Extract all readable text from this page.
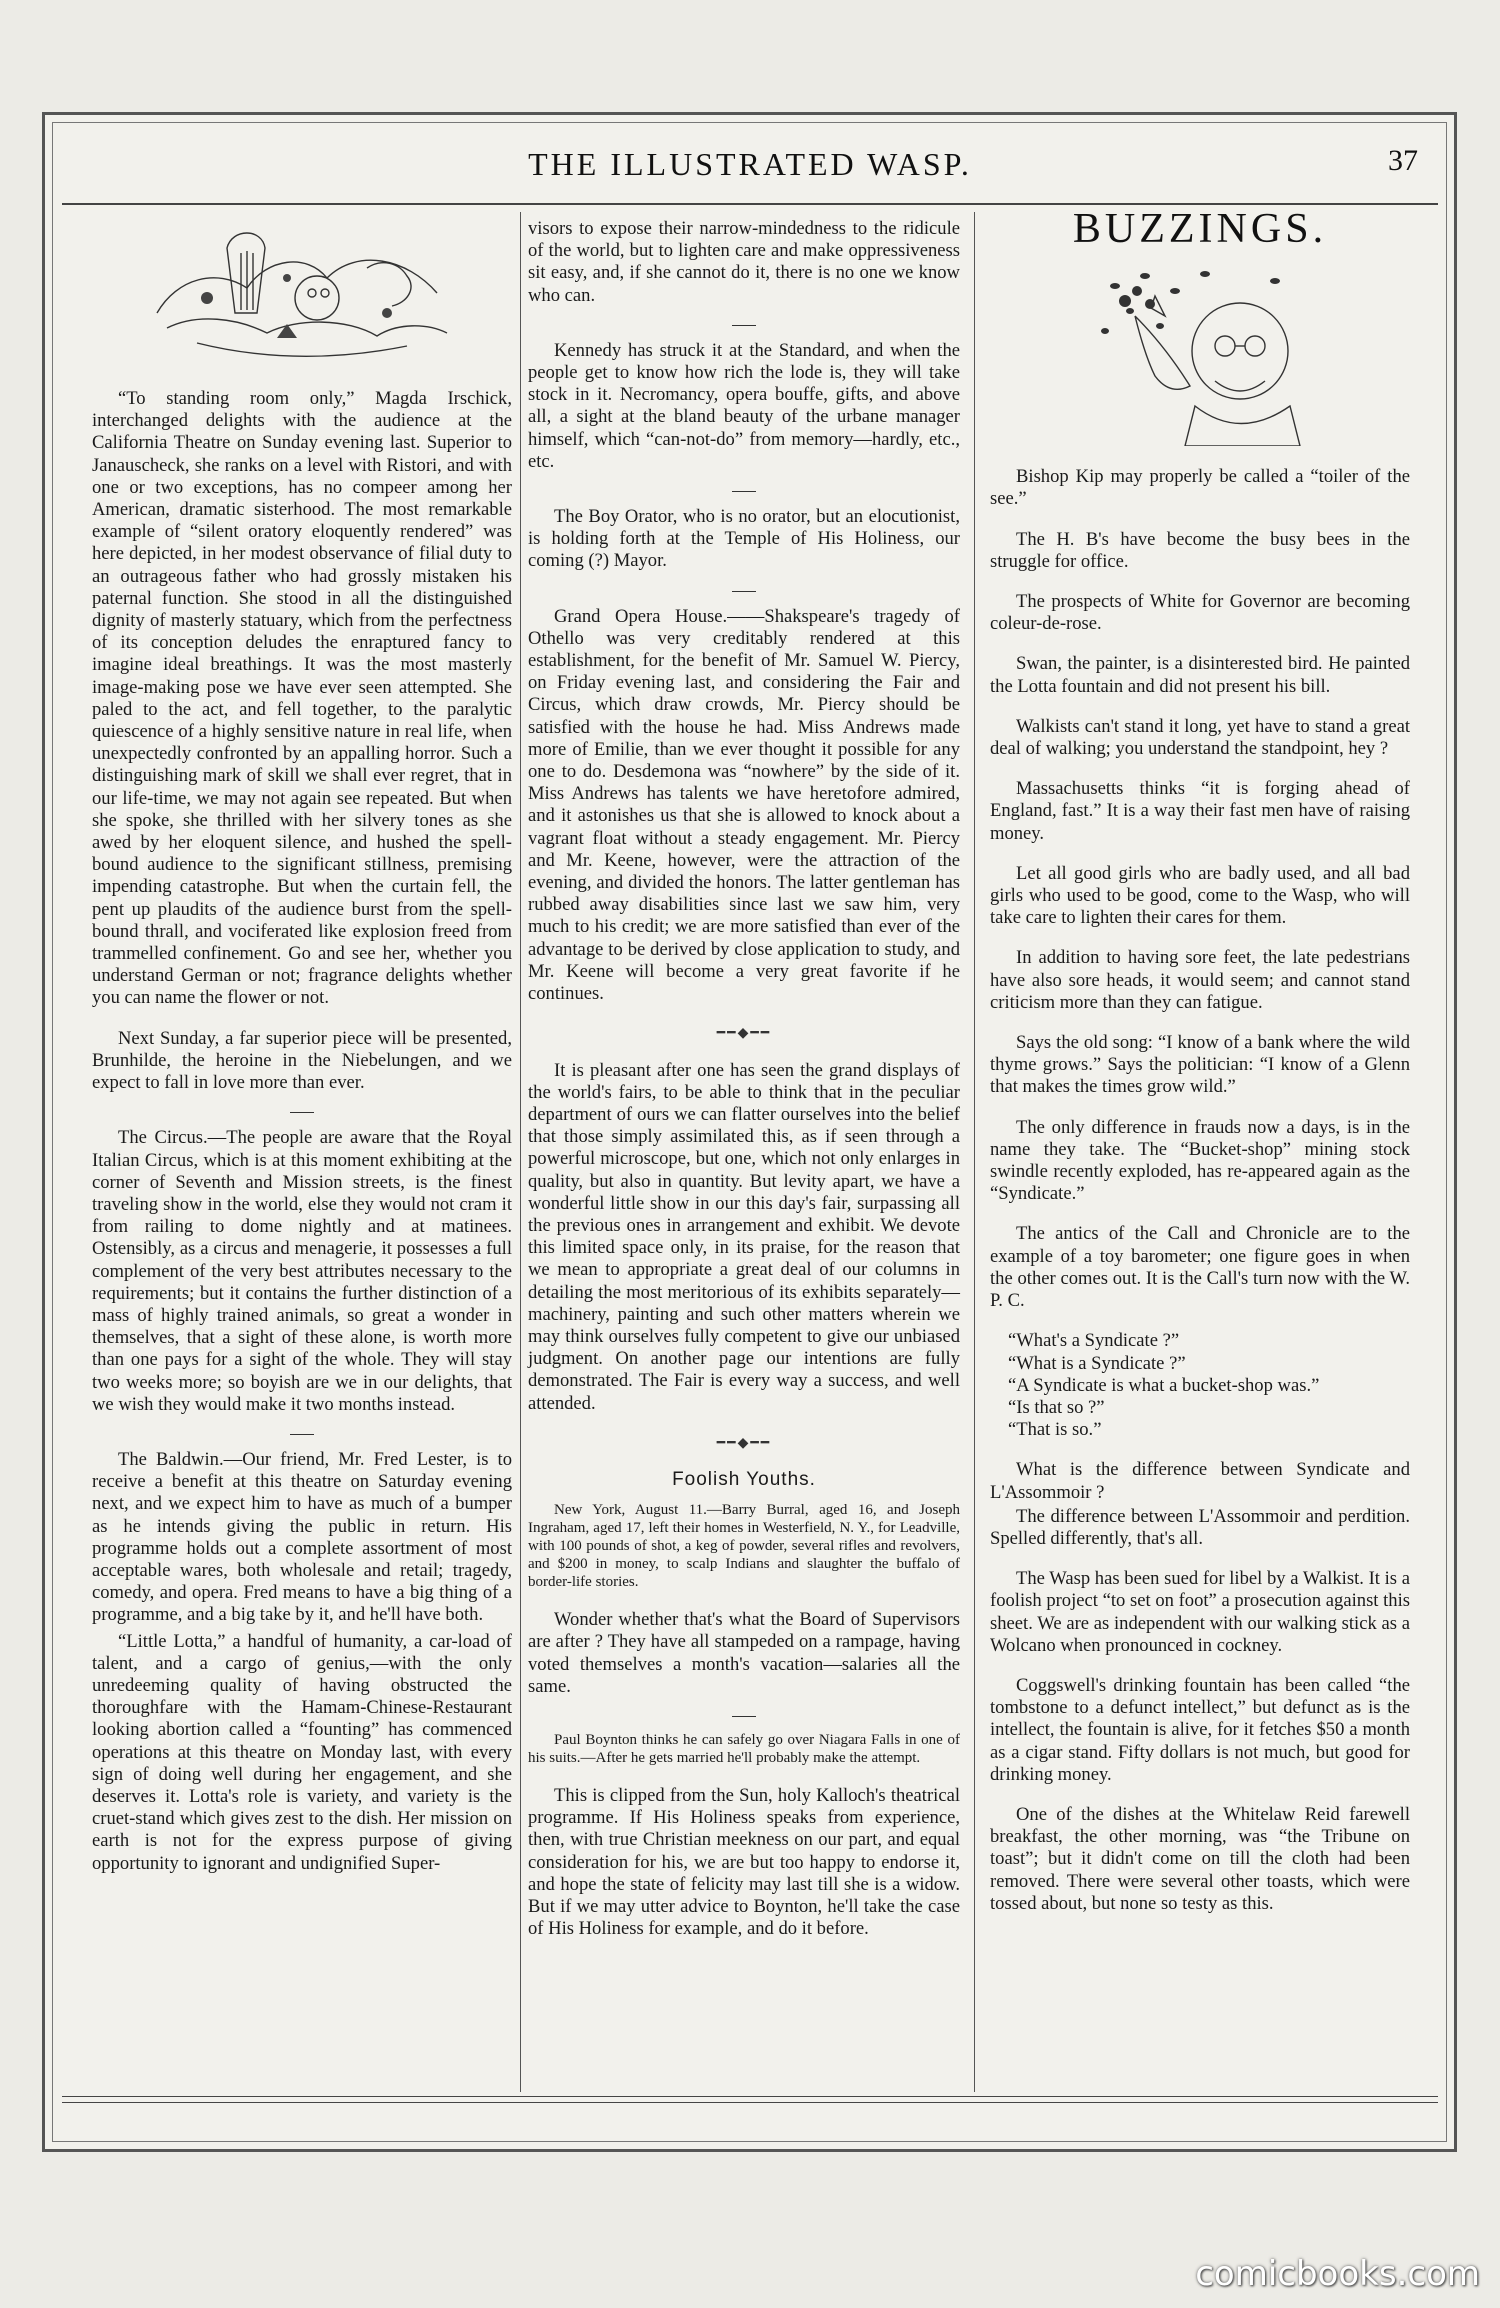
THE ILLUSTRATED WASP.	37

“To standing room only,” Magda Irschick, interchanged delights with the audience at the California Theatre on Sunday evening last. Superior to Janauscheck, she ranks on a level with Ristori, and with one or two exceptions, has no compeer among her American, dramatic sisterhood. The most remarkable example of “silent oratory eloquently rendered” was here depicted, in her modest observance of filial duty to an outrageous father who had grossly mistaken his paternal function. She stood in all the distinguished dignity of masterly statuary, which from the perfectness of its conception deludes the enraptured fancy to imagine ideal breathings. It was the most masterly image-making pose we have ever seen attempted. She paled to the act, and fell together, to the paralytic quiescence of a highly sensitive nature in real life, when unexpectedly confronted by an appalling horror. Such a distinguishing mark of skill we shall ever regret, that in our life-time, we may not again see repeated. But when she spoke, she thrilled with her silvery tones as she awed by her eloquent silence, and hushed the spell-bound audience to the significant stillness, premising impending catastrophe. But when the curtain fell, the pent up plaudits of the audience burst from the spell-bound thrall, and vociferated like explosion freed from trammelled confinement. Go and see her, whether you understand German or not; fragrance delights whether you can name the flower or not.

Next Sunday, a far superior piece will be presented, Brunhilde, the heroine in the Niebelungen, and we expect to fall in love more than ever.

The Circus.—The people are aware that the Royal Italian Circus, which is at this moment exhibiting at the corner of Seventh and Mission streets, is the finest traveling show in the world, else they would not cram it from railing to dome nightly and at matinees. Ostensibly, as a circus and menagerie, it possesses a full complement of the very best attributes necessary to the requirements; but it contains the further distinction of a mass of highly trained animals, so great a wonder in themselves, that a sight of these alone, is worth more than one pays for a sight of the whole. They will stay two weeks more; so boyish are we in our delights, that we wish they would make it two months instead.

The Baldwin.—Our friend, Mr. Fred Lester, is to receive a benefit at this theatre on Saturday evening next, and we expect him to have as much of a bumper as he intends giving the public in return. His programme holds out a complete assortment of most acceptable wares, both wholesale and retail; tragedy, comedy, and opera. Fred means to have a big thing of a programme, and a big take by it, and he'll have both.

“Little Lotta,” a handful of humanity, a car-load of talent, and a cargo of genius,—with the only unredeeming quality of having obstructed the thoroughfare with the Hamam-Chinese-Restaurant looking abortion called a “founting” has commenced operations at this theatre on Monday last, with every sign of doing well during her engagement, and she deserves it. Lotta's role is variety, and variety is the cruet-stand which gives zest to the dish. Her mission on earth is not for the express purpose of giving opportunity to ignorant and undignified Super-

visors to expose their narrow-mindedness to the ridicule of the world, but to lighten care and make oppressiveness sit easy, and, if she cannot do it, there is no one we know who can.

Kennedy has struck it at the Standard, and when the people get to know how rich the lode is, they will take stock in it. Necromancy, opera bouffe, gifts, and above all, a sight at the bland beauty of the urbane manager himself, which “can-not-do” from memory—hardly, etc., etc.

The Boy Orator, who is no orator, but an elocutionist, is holding forth at the Temple of His Holiness, our coming (?) Mayor.

Grand Opera House.——Shakspeare's tragedy of Othello was very creditably rendered at this establishment, for the benefit of Mr. Samuel W. Piercy, on Friday evening last, and considering the Fair and Circus, which draw crowds, Mr. Piercy should be satisfied with the house he had. Miss Andrews made more of Emilie, than we ever thought it possible for any one to do. Desdemona was “nowhere” by the side of it. Miss Andrews has talents we have heretofore admired, and it astonishes us that she is allowed to knock about a vagrant float without a steady engagement. Mr. Piercy and Mr. Keene, however, were the attraction of the evening, and divided the honors. The latter gentleman has rubbed away disabilities since last we saw him, very much to his credit; we are more satisfied than ever of the advantage to be derived by close application to study, and Mr. Keene will become a very great favorite if he continues.

━━◆━━

It is pleasant after one has seen the grand displays of the world's fairs, to be able to think that in the peculiar department of ours we can flatter ourselves into the belief that those simply assimilated this, as if seen through a powerful microscope, but one, which not only enlarges in quality, but also in quantity. But levity apart, we have a wonderful little show in our this day's fair, surpassing all the previous ones in arrangement and exhibit. We devote this limited space only, in its praise, for the reason that we mean to appropriate a great deal of our columns in detailing the most meritorious of its exhibits separately—machinery, painting and such other matters wherein we may think ourselves fully competent to give our unbiased judgment. On another page our intentions are fully demonstrated. The Fair is every way a success, and well attended.

━━◆━━
Foolish Youths.

New York, August 11.—Barry Burral, aged 16, and Joseph Ingraham, aged 17, left their homes in Westerfield, N. Y., for Leadville, with 100 pounds of shot, a keg of powder, several rifles and revolvers, and $200 in money, to scalp Indians and slaughter the buffalo of border-life stories.

Wonder whether that's what the Board of Supervisors are after ? They have all stampeded on a rampage, having voted themselves a month's vacation—salaries all the same.

Paul Boynton thinks he can safely go over Niagara Falls in one of his suits.—After he gets married he'll probably make the attempt.

This is clipped from the Sun, holy Kalloch's theatrical programme. If His Holiness speaks from experience, then, with true Christian meekness on our part, and equal consideration for his, we are but too happy to endorse it, and hope the state of felicity may last till she is a widow. But if we may utter advice to Boynton, he'll take the case of His Holiness for example, and do it before.

BUZZINGS.

Bishop Kip may properly be called a “toiler of the see.”

The H. B's have become the busy bees in the struggle for office.

The prospects of White for Governor are becoming coleur-de-rose.

Swan, the painter, is a disinterested bird. He painted the Lotta fountain and did not present his bill.

Walkists can't stand it long, yet have to stand a great deal of walking; you understand the standpoint, hey ?

Massachusetts thinks “it is forging ahead of England, fast.” It is a way their fast men have of raising money.

Let all good girls who are badly used, and all bad girls who used to be good, come to the Wasp, who will take care to lighten their cares for them.

In addition to having sore feet, the late pedestrians have also sore heads, it would seem; and cannot stand criticism more than they can fatigue.

Says the old song: “I know of a bank where the wild thyme grows.” Says the politician: “I know of a Glenn that makes the times grow wild.”

The only difference in frauds now a days, is in the name they take. The “Bucket-shop” mining stock swindle recently exploded, has re-appeared again as the “Syndicate.”

The antics of the Call and Chronicle are to the example of a toy barometer; one figure goes in when the other comes out. It is the Call's turn now with the W. P. C.

“What's a Syndicate ?”
“What is a Syndicate ?”
“A Syndicate is what a bucket-shop was.”
“Is that so ?”
“That is so.”

What is the difference between Syndicate and L'Assommoir ?

The difference between L'Assommoir and perdition. Spelled differently, that's all.

The Wasp has been sued for libel by a Walkist. It is a foolish project “to set on foot” a prosecution against this sheet. We are as independent with our walking stick as a Wolcano when pronounced in cockney.

Coggswell's drinking fountain has been called “the tombstone to a defunct intellect,” but defunct as is the intellect, the fountain is alive, for it fetches $50 a month as a cigar stand. Fifty dollars is not much, but good for drinking money.

One of the dishes at the Whitelaw Reid farewell breakfast, the other morning, was “the Tribune on toast”; but it didn't come on till the cloth had been removed. There were several other toasts, which were tossed about, but none so testy as this.

comicbooks.com
